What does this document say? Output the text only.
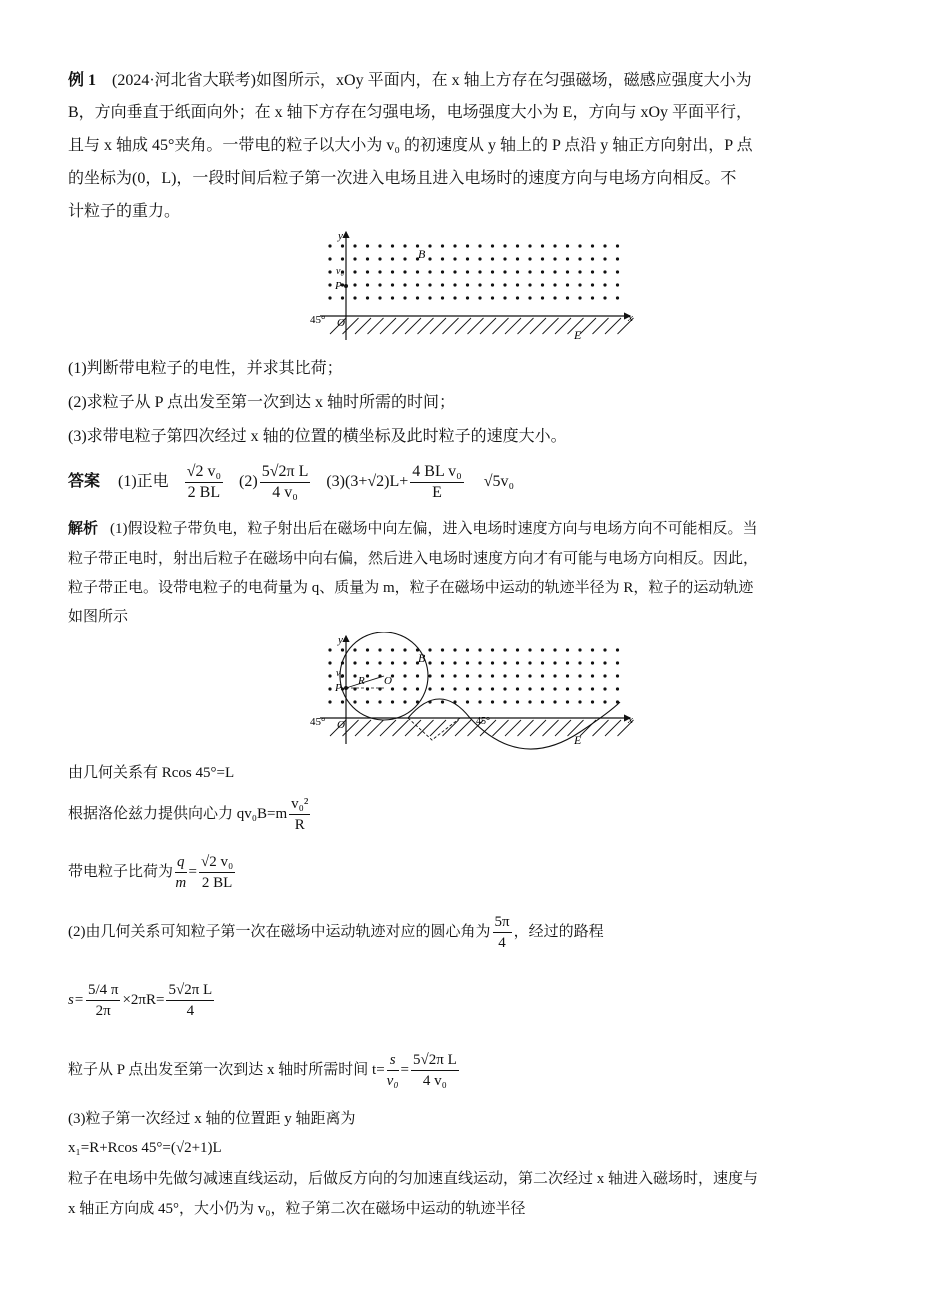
例 1 (2024·河北省大联考)如图所示，xOy 平面内，在 x 轴上方存在匀强磁场，磁感应强度大小为
B，方向垂直于纸面向外；在 x 轴下方存在匀强电场，电场强度大小为 E，方向与 xOy 平面平行，
且与 x 轴成 45°夹角。一带电的粒子以大小为 v₀ 的初速度从 y 轴上的 P 点沿 y 轴正方向射出，P 点
的坐标为(0，L)，一段时间后粒子第一次进入电场且进入电场时的速度方向与电场方向相反。不
计粒子的重力。
y
x
B
E
v₀
P
O
45°
(1)判断带电粒子的电性，并求其比荷；
(2)求粒子从 P 点出发至第一次到达 x 轴时所需的时间；
(3)求带电粒子第四次经过 x 轴的位置的横坐标及此时粒子的速度大小。
答案 (1)正电 $\frac{\text{√2 v₀}}{2 BL} (2) \frac{\text{5√2π L}}{\text{4 v₀}} (3)(3+√2)L+ \frac{\text{4 BL v₀}}{E} √5v_0$
解析 (1)假设粒子带负电，粒子射出后在磁场中向左偏，进入电场时速度方向与电场方向不可能相反。当
粒子带正电时，射出后粒子在磁场中向右偏，然后进入电场时速度方向才有可能与电场方向相反。因此，
粒子带正电。设带电粒子的电荷量为 q、质量为 m，粒子在磁场中运动的轨迹半径为 R，粒子的运动轨迹
如图所示
y
x
B
E
v₀
P
R O
O
45°	45°
由几何关系有 Rcos 45°=L
根据洛伦兹力提供向心力 $qv_0B=m \frac{\text{v₀²}}{R}$
带电粒子比荷为 $\frac{q}{m} = \frac{\text{√2 v₀}}{2 BL}$
(2)由几何关系可知粒子第一次在磁场中运动轨迹对应的圆心角为 $\frac{5\pi}{4}$ ，经过的路程
$s= \frac{5/4 \pi}{2\pi} \times 2\pi R= \frac{\text{5√2π L}}{4}$
粒子从 P 点出发至第一次到达 x 轴时所需时间 $t= \frac{s}{\text{v₀}} = \frac{\text{5√2π L}}{\text{4 v₀}}$
(3)粒子第一次经过 x 轴的位置距 y 轴距离为
x₁=R+Rcos 45°=(√2+1)L
粒子在电场中先做匀减速直线运动，后做反方向的匀加速直线运动，第二次经过 x 轴进入磁场时，速度与
x 轴正方向成 45°，大小仍为 v₀，粒子第二次在磁场中运动的轨迹半径
